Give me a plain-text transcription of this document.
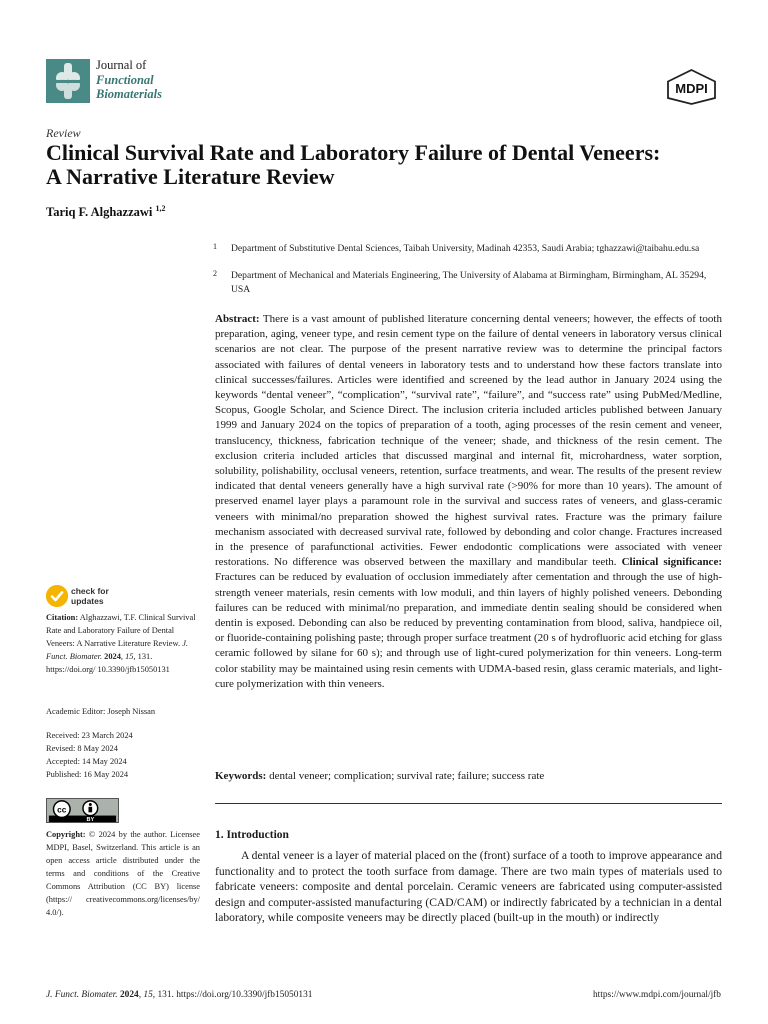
Journal of
Functional
Biomaterials	MDPI
Review
Clinical Survival Rate and Laboratory Failure of Dental Veneers:
A Narrative Literature Review
Tariq F. Alghazzawi $^{1,2}$
1 Department of Substitutive Dental Sciences, Taibah University, Madinah 42353, Saudi Arabia; tghazzawi@taibahu.edu.sa
2 Department of Mechanical and Materials Engineering, The University of Alabama at Birmingham, Birmingham, AL 35294, USA
Abstract: There is a vast amount of published literature concerning dental veneers; however, the effects of tooth preparation, aging, veneer type, and resin cement type on the failure of dental veneers in laboratory versus clinical scenarios are not clear. The purpose of the present narrative review was to determine the principal factors associated with failures of dental veneers in laboratory tests and to understand how these factors translate into clinical successes/failures. Articles were identified and screened by the lead author in January 2024 using the keywords “dental veneer”, “complication”, “survival rate”, “failure”, and “success rate” using PubMed/Medline, Scopus, Google Scholar, and Science Direct. The inclusion criteria included articles published between January 1999 and January 2024 on the topics of preparation of a tooth, aging processes of the resin cement and veneer, translucency, thickness, fabrication technique of the veneer; shade, and thickness of the resin cement. The exclusion criteria included articles that discussed marginal and internal fit, microhardness, water sorption, solubility, polishability, occlusal veneers, retention, surface treatments, and wear. The results of the present review indicated that dental veneers generally have a high survival rate (>90% for more than 10 years). The amount of preserved enamel layer plays a paramount role in the survival and success rates of veneers, and glass-ceramic veneers with minimal/no preparation showed the highest survival rates. Fracture was the primary failure mechanism associated with decreased survival rate, followed by debonding and color change. Fractures increased in the presence of parafunctional activities. Fewer endodontic complications were associated with veneer restorations. No difference was observed between the maxillary and mandibular teeth. Clinical significance: Fractures can be reduced by evaluation of occlusion immediately after cementation and through the use of high-strength veneer materials, resin cements with low moduli, and thin layers of highly polished veneers. Debonding failures can be reduced with minimal/no preparation, and immediate dentin sealing should be considered when dentin is exposed. Debonding can also be reduced by preventing contamination from blood, saliva, handpiece oil, or fluoride-containing polishing paste; through proper surface treatment (20 s of hydrofluoric acid etching for glass ceramic followed by silane for 60 s); and through use of light-cured polymerization for thin veneers. Long-term color stability may be maintained using resin cements with UDMA-based resin, glass ceramic materials, and light-cure polymerization with thin veneers.
Keywords: dental veneer; complication; survival rate; failure; success rate
1. Introduction
A dental veneer is a layer of material placed on the (front) surface of a tooth to improve appearance and functionality and to protect the tooth surface from damage. There are two main types of materials used to fabricate veneers: composite and dental porcelain. Ceramic veneers are fabricated using computer-assisted design and computer-assisted manufacturing (CAD/CAM) or indirectly fabricated by a technician in a dental laboratory, while composite veneers may be directly placed (built-up in the mouth) or indirectly
check for
updates
Citation: Alghazzawi, T.F. Clinical Survival Rate and Laboratory Failure of Dental Veneers: A Narrative Literature Review. J. Funct. Biomater. 2024, 15, 131. https://doi.org/ 10.3390/jfb15050131
Academic Editor: Joseph Nissan
Received: 23 March 2024
Revised: 8 May 2024
Accepted: 14 May 2024
Published: 16 May 2024
cc
BY
Copyright: © 2024 by the author. Licensee MDPI, Basel, Switzerland. This article is an open access article distributed under the terms and conditions of the Creative Commons Attribution (CC BY) license (https:// creativecommons.org/licenses/by/ 4.0/).
J. Funct. Biomater. 2024, 15, 131. https://doi.org/10.3390/jfb15050131	https://www.mdpi.com/journal/jfb
